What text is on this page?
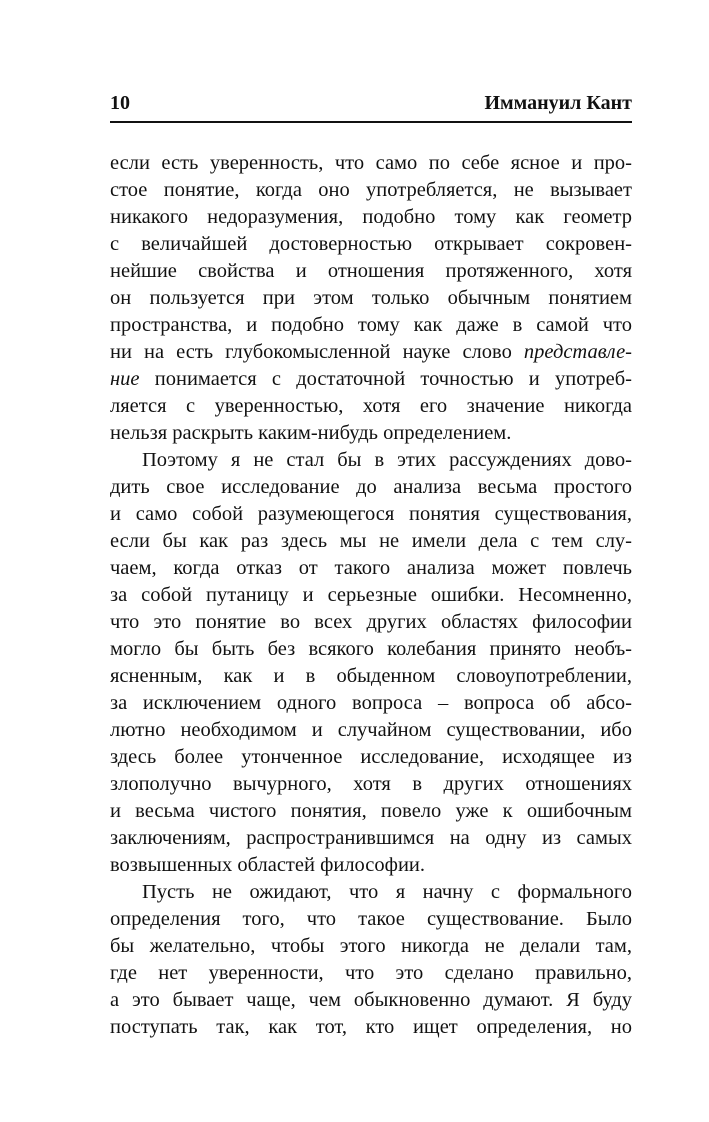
10	Иммануил Кант
если есть уверенность, что само по себе ясное и про-
стое понятие, когда оно употребляется, не вызывает
никакого недоразумения, подобно тому как геометр
с величайшей достоверностью открывает сокровен-
нейшие свойства и отношения протяженного, хотя
он пользуется при этом только обычным понятием
пространства, и подобно тому как даже в самой что
ни на есть глубокомысленной науке слово представле-
ние понимается с достаточной точностью и употреб-
ляется с уверенностью, хотя его значение никогда
нельзя раскрыть каким-нибудь определением.
Поэтому я не стал бы в этих рассуждениях дово-
дить свое исследование до анализа весьма простого
и само собой разумеющегося понятия существования,
если бы как раз здесь мы не имели дела с тем слу-
чаем, когда отказ от такого анализа может повлечь
за собой путаницу и серьезные ошибки. Несомненно,
что это понятие во всех других областях философии
могло бы быть без всякого колебания принято необъ-
ясненным, как и в обыденном словоупотреблении,
за исключением одного вопроса – вопроса об абсо-
лютно необходимом и случайном существовании, ибо
здесь более утонченное исследование, исходящее из
злополучно вычурного, хотя в других отношениях
и весьма чистого понятия, повело уже к ошибочным
заключениям, распространившимся на одну из самых
возвышенных областей философии.
Пусть не ожидают, что я начну с формального
определения того, что такое существование. Было
бы желательно, чтобы этого никогда не делали там,
где нет уверенности, что это сделано правильно,
а это бывает чаще, чем обыкновенно думают. Я буду
поступать так, как тот, кто ищет определения, но
